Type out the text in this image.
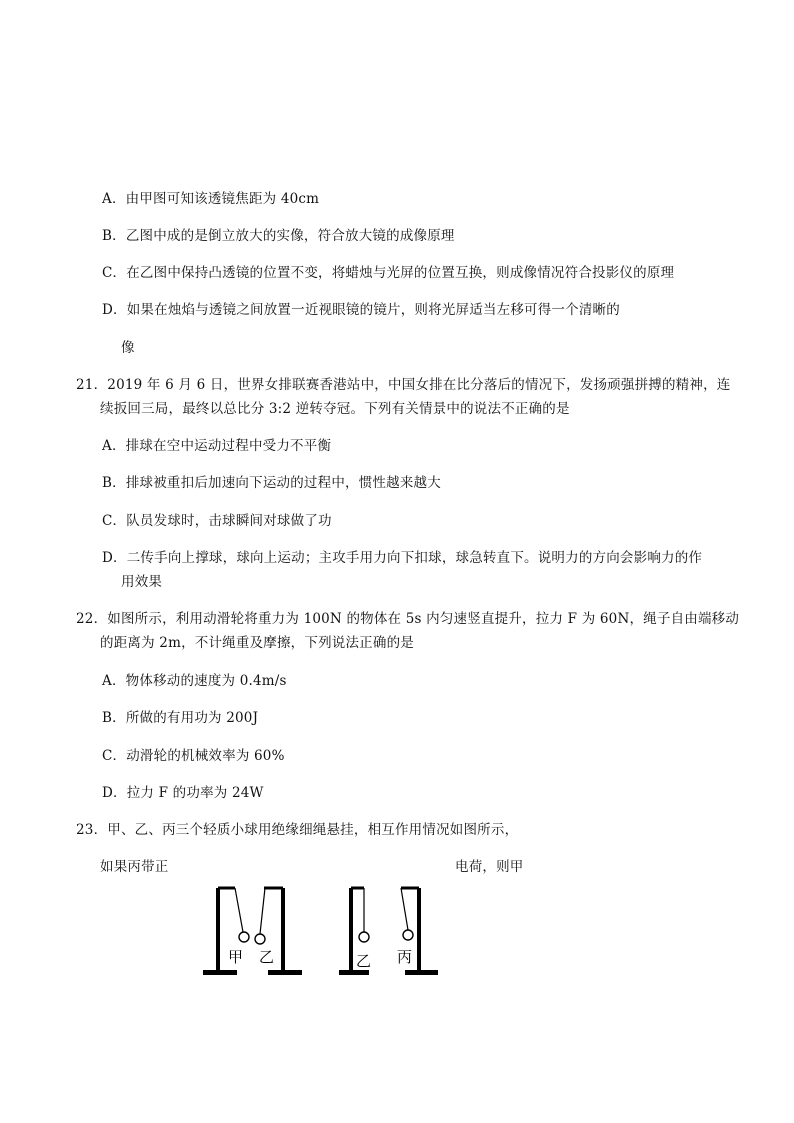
A．由甲图可知该透镜焦距为 40cm
B．乙图中成的是倒立放大的实像，符合放大镜的成像原理
C．在乙图中保持凸透镜的位置不变，将蜡烛与光屏的位置互换，则成像情况符合投影仪的原理
D．如果在烛焰与透镜之间放置一近视眼镜的镜片，则将光屏适当左移可得一个清晰的
像
21．2019 年 6 月 6 日，世界女排联赛香港站中，中国女排在比分落后的情况下，发扬顽强拼搏的精神，连
续扳回三局，最终以总比分 3:2 逆转夺冠。下列有关情景中的说法不正确的是
A．排球在空中运动过程中受力不平衡
B．排球被重扣后加速向下运动的过程中，惯性越来越大
C．队员发球时，击球瞬间对球做了功
D．二传手向上撑球，球向上运动；主攻手用力向下扣球，球急转直下。说明力的方向会影响力的作
用效果
22．如图所示，利用动滑轮将重力为 100N 的物体在 5s 内匀速竖直提升，拉力 F 为 60N，绳子自由端移动
的距离为 2m，不计绳重及摩擦，下列说法正确的是
A．物体移动的速度为 0.4m/s
B．所做的有用功为 200J
C．动滑轮的机械效率为 60%
D．拉力 F 的功率为 24W
23．甲、乙、丙三个轻质小球用绝缘细绳悬挂，相互作用情况如图所示，
如果丙带正	电荷，则甲
甲 乙	乙 丙
